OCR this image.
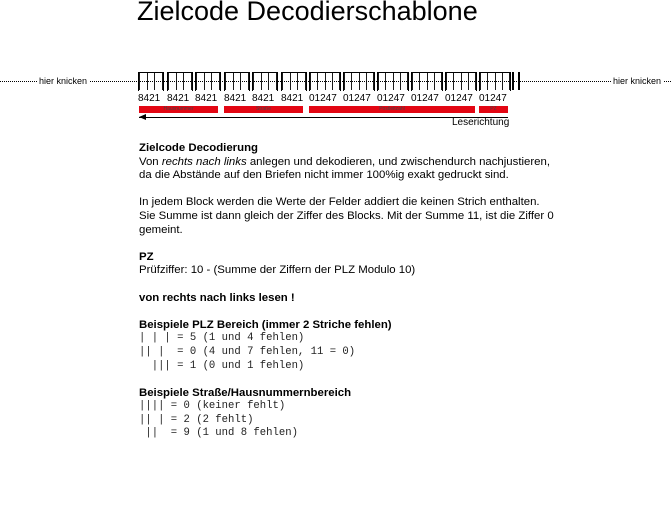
Zielcode Decodierschablone
hier knicken	hier knicken
8421 8421 8421 8421 8421 8421 01247 01247 01247 01247 01247 01247
Hausnummer	Straße	Postleitzahl	PZ
Leserichtung
Zielcode Decodierung

Von rechts nach links anlegen und dekodieren, und zwischendurch nachjustieren, da die Abstände auf den Briefen nicht immer 100%ig exakt gedruckt sind.

In jedem Block werden die Werte der Felder addiert die keinen Strich enthalten. Sie Summe ist dann gleich der Ziffer des Blocks. Mit der Summe 11, ist die Ziffer 0 gemeint.

PZ

Prüfziffer: 10 - (Summe der Ziffern der PLZ Modulo 10)

von rechts nach links lesen !
Beispiele PLZ Bereich (immer 2 Striche fehlen)
| | | = 5 (1 und 4 fehlen)
|| |  = 0 (4 und 7 fehlen, 11 = 0)
||| = 1 (0 und 1 fehlen)
Beispiele Straße/Hausnummernbereich
|||| = 0 (keiner fehlt)
|| | = 2 (2 fehlt)
||  = 9 (1 und 8 fehlen)
